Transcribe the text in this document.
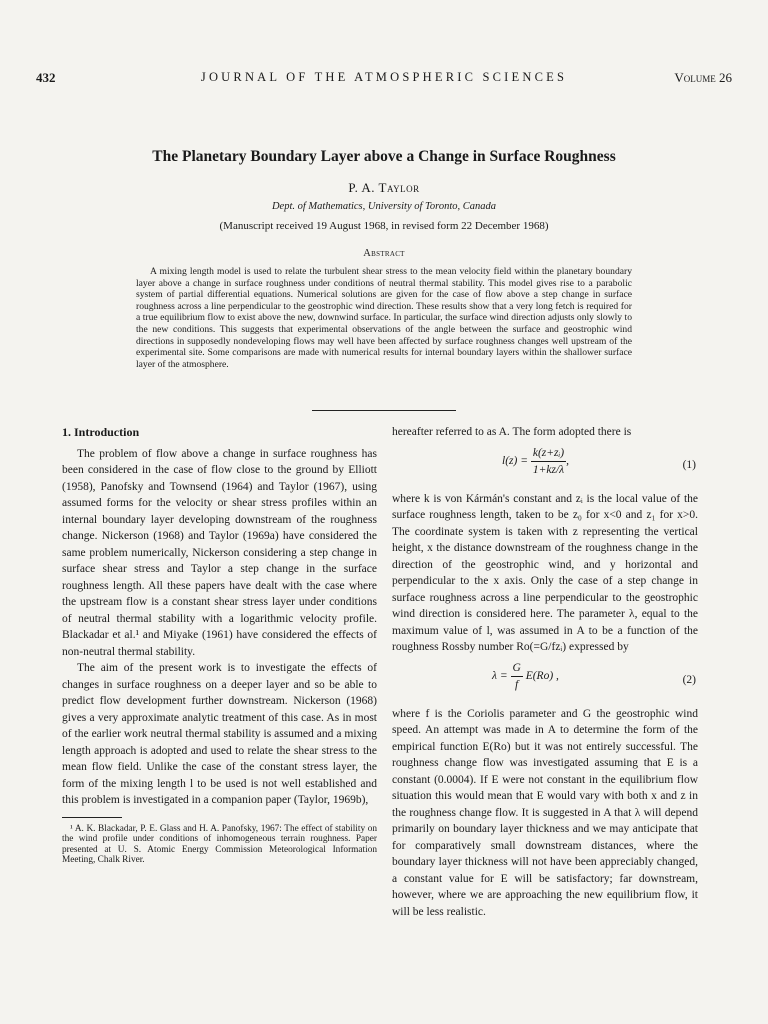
432	JOURNAL OF THE ATMOSPHERIC SCIENCES	Volume 26
The Planetary Boundary Layer above a Change in Surface Roughness
P. A. Taylor
Dept. of Mathematics, University of Toronto, Canada
(Manuscript received 19 August 1968, in revised form 22 December 1968)
Abstract

A mixing length model is used to relate the turbulent shear stress to the mean velocity field within the planetary boundary layer above a change in surface roughness under conditions of neutral thermal stability. This model gives rise to a parabolic system of partial differential equations. Numerical solutions are given for the case of flow above a step change in surface roughness across a line perpendicular to the geostrophic wind direction. These results show that a very long fetch is required for a true equilibrium flow to exist above the new, downwind surface. In particular, the surface wind direction adjusts only slowly to the new conditions. This suggests that experimental observations of the angle between the surface and geostrophic wind directions in supposedly nondeveloping flows may well have been affected by surface roughness changes well upstream of the experimental site. Some comparisons are made with numerical results for internal boundary layers within the shallower surface layer of the atmosphere.

1. Introduction

The problem of flow above a change in surface roughness has been considered in the case of flow close to the ground by Elliott (1958), Panofsky and Townsend (1964) and Taylor (1967), using assumed forms for the velocity or shear stress profiles within an internal boundary layer developing downstream of the roughness change. Nickerson (1968) and Taylor (1969a) have considered the same problem numerically, Nickerson considering a step change in surface shear stress and Taylor a step change in the surface roughness length. All these papers have dealt with the case where the upstream flow is a constant shear stress layer under conditions of neutral thermal stability with a logarithmic velocity profile. Blackadar et al.¹ and Miyake (1961) have considered the effects of non-neutral thermal stability.

The aim of the present work is to investigate the effects of changes in surface roughness on a deeper layer and so be able to predict flow development further downstream. Nickerson (1968) gives a very approximate analytic treatment of this case. As in most of the earlier work neutral thermal stability is assumed and a mixing length approach is adopted and used to relate the shear stress to the mean flow field. Unlike the case of the constant stress layer, the form of the mixing length l to be used is not well established and this problem is investigated in a companion paper (Taylor, 1969b),

¹ A. K. Blackadar, P. E. Glass and H. A. Panofsky, 1967: The effect of stability on the wind profile under conditions of inhomogeneous terrain roughness. Paper presented at U. S. Atomic Energy Commission Meteorological Information Meeting, Chalk River.

hereafter referred to as A. The form adopted there is

$l(z) = \frac{\text{k(z+zᵢ)}}{1+kz/\lambda}$ ,	(1)

where k is von Kármán's constant and zᵢ is the local value of the surface roughness length, taken to be z₀ for x<0 and z₁ for x>0. The coordinate system is taken with z representing the vertical height, x the distance downstream of the roughness change in the direction of the geostrophic wind, and y horizontal and perpendicular to the x axis. Only the case of a step change in surface roughness across a line perpendicular to the geostrophic wind direction is considered here. The parameter λ, equal to the maximum value of l, was assumed in A to be a function of the roughness Rossby number Ro(=G/fzᵢ) expressed by

$\lambda = \frac{G}{f} E(Ro)$ ,	(2)

where f is the Coriolis parameter and G the geostrophic wind speed. An attempt was made in A to determine the form of the empirical function E(Ro) but it was not entirely successful. The roughness change flow was investigated assuming that E is a constant (0.0004). If E were not constant in the equilibrium flow situation this would mean that E would vary with both x and z in the roughness change flow. It is suggested in A that λ will depend primarily on boundary layer thickness and we may anticipate that for comparatively small downstream distances, where the boundary layer thickness will not have been appreciably changed, a constant value for E will be satisfactory; far downstream, however, where we are approaching the new equilibrium flow, it will be less realistic.
